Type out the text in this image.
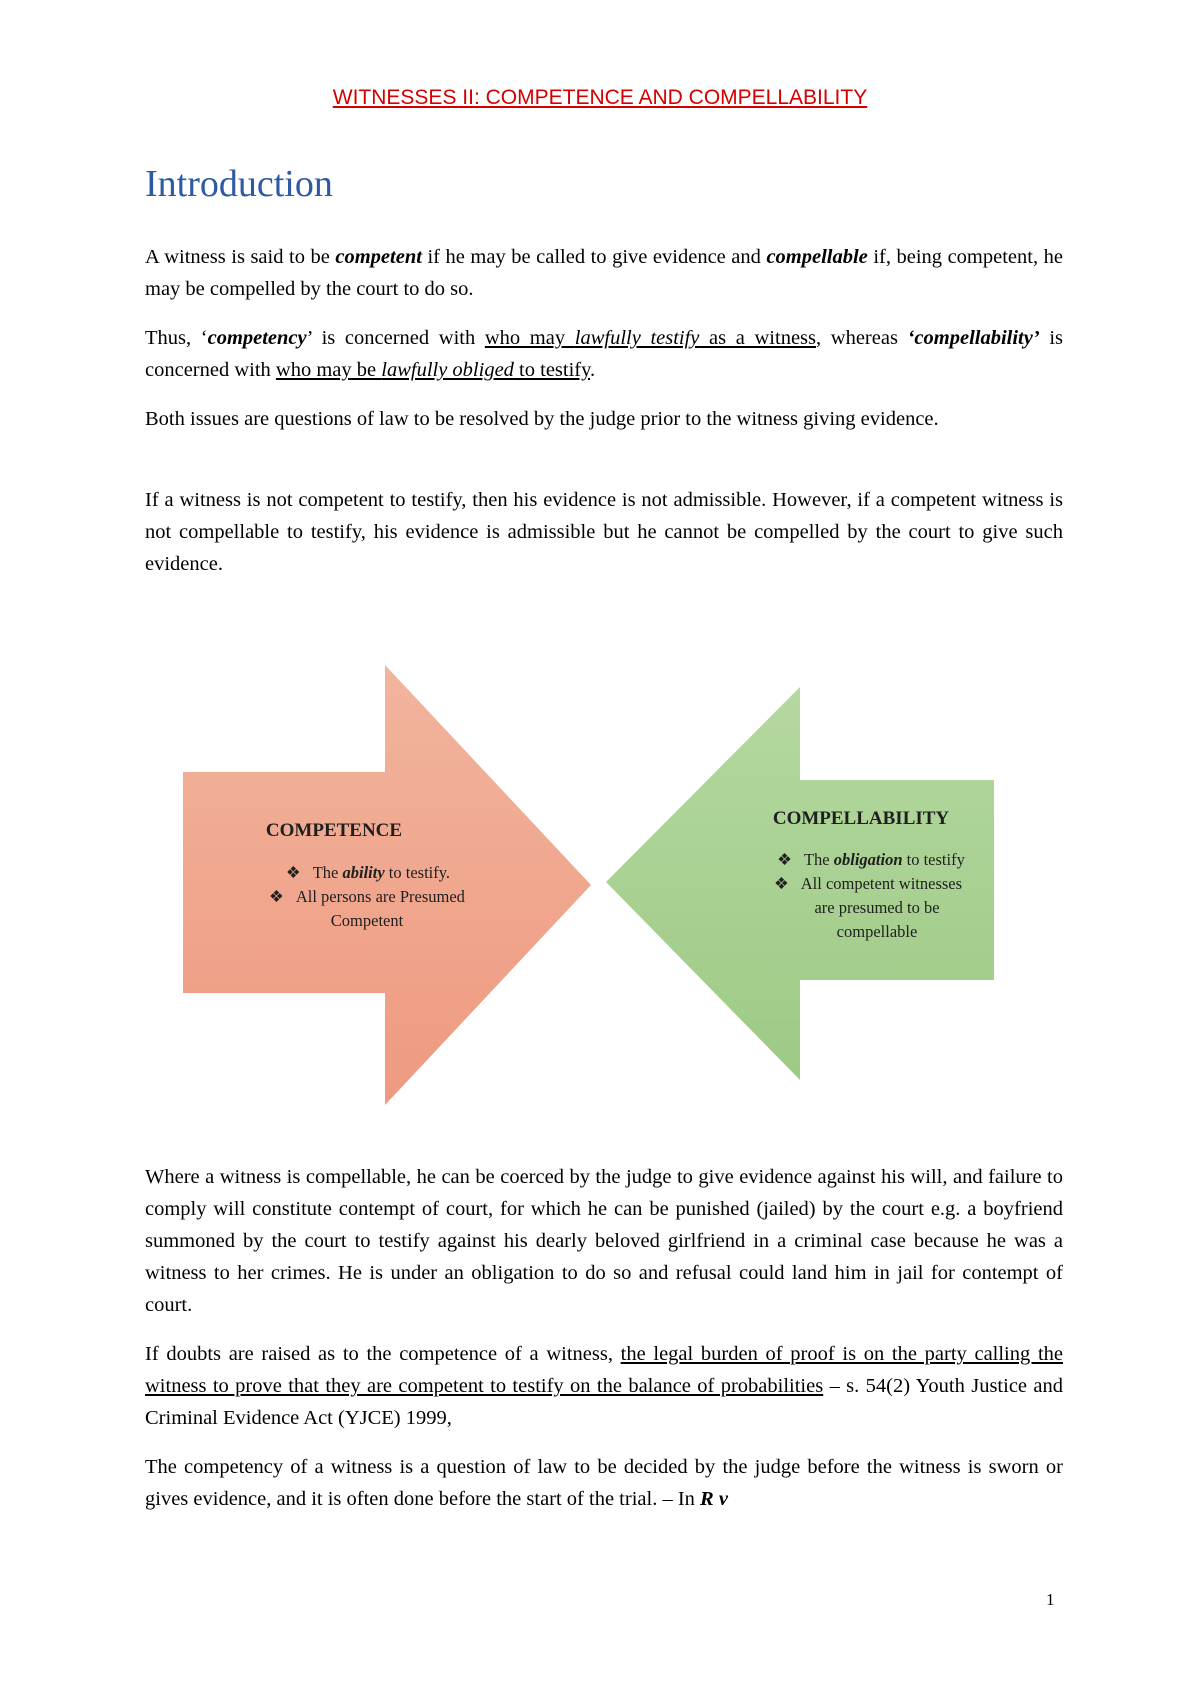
WITNESSES II: COMPETENCE AND COMPELLABILITY
Introduction

A witness is said to be competent if he may be called to give evidence and compellable if, being competent, he may be compelled by the court to do so.

Thus, ‘competency’ is concerned with who may lawfully testify as a witness, whereas ‘compellability’ is concerned with who may be lawfully obliged to testify.

Both issues are questions of law to be resolved by the judge prior to the witness giving evidence.

If a witness is not competent to testify, then his evidence is not admissible. However, if a competent witness is not compellable to testify, his evidence is admissible but he cannot be compelled by the court to give such evidence.

COMPETENCE
❖ The ability to testify.
❖ All persons are Presumed
Competent
COMPELLABILITY
❖ The obligation to testify
❖ All competent witnesses
are presumed to be
compellable

Where a witness is compellable, he can be coerced by the judge to give evidence against his will, and failure to comply will constitute contempt of court, for which he can be punished (jailed) by the court e.g. a boyfriend summoned by the court to testify against his dearly beloved girlfriend in a criminal case because he was a witness to her crimes. He is under an obligation to do so and refusal could land him in jail for contempt of court.

If doubts are raised as to the competence of a witness, the legal burden of proof is on the party calling the witness to prove that they are competent to testify on the balance of probabilities – s. 54(2) Youth Justice and Criminal Evidence Act (YJCE) 1999,

The competency of a witness is a question of law to be decided by the judge before the witness is sworn or gives evidence, and it is often done before the start of the trial. – In R v

1
